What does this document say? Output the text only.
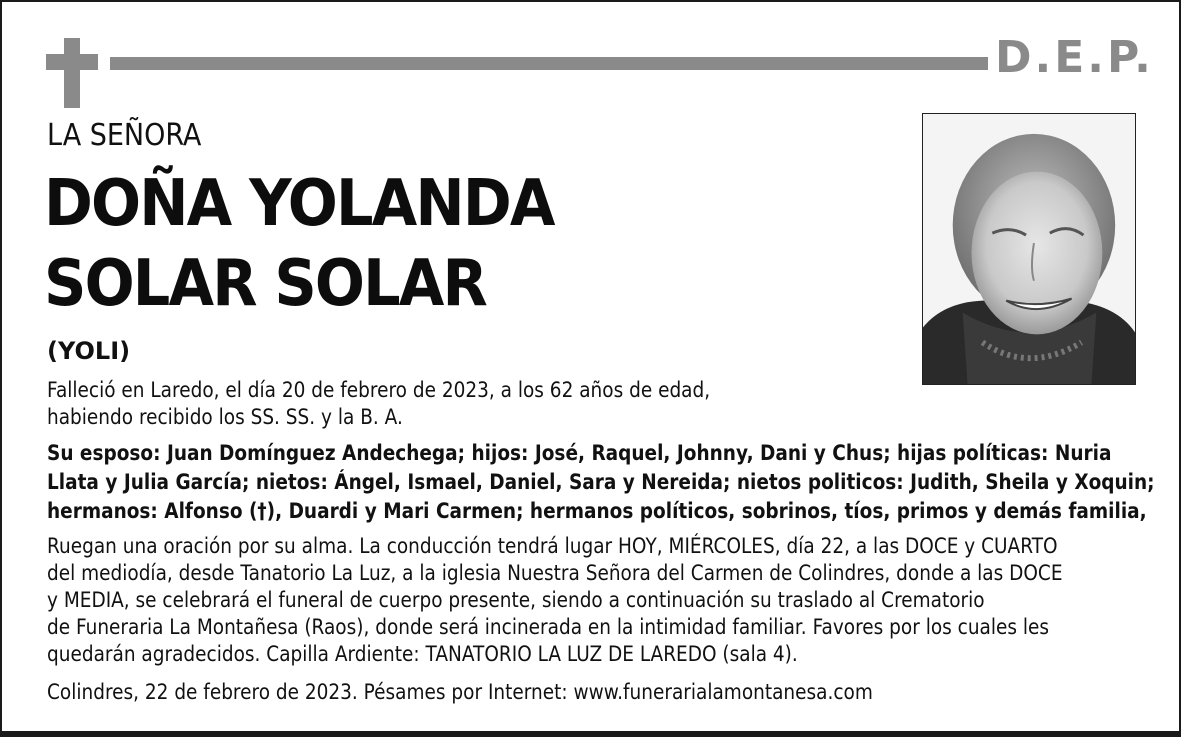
D.E.P.
LA SEÑORA
DOÑA YOLANDA
SOLAR SOLAR
(YOLI)
Falleció en Laredo, el día 20 de febrero de 2023, a los 62 años de edad,
habiendo recibido los SS. SS. y la B. A.
Su esposo: Juan Domínguez Andechega; hijos: José, Raquel, Johnny, Dani y Chus; hijas políticas: Nuria
Llata y Julia García; nietos: Ángel, Ismael, Daniel, Sara y Nereida; nietos politicos: Judith, Sheila y Xoquin;
hermanos: Alfonso (†), Duardi y Mari Carmen; hermanos políticos, sobrinos, tíos, primos y demás familia,
Ruegan una oración por su alma. La conducción tendrá lugar HOY, MIÉRCOLES, día 22, a las DOCE y CUARTO
del mediodía, desde Tanatorio La Luz, a la iglesia Nuestra Señora del Carmen de Colindres, donde a las DOCE
y MEDIA, se celebrará el funeral de cuerpo presente, siendo a continuación su traslado al Crematorio
de Funeraria La Montañesa (Raos), donde será incinerada en la intimidad familiar. Favores por los cuales les
quedarán agradecidos. Capilla Ardiente: TANATORIO LA LUZ DE LAREDO (sala 4).
Colindres, 22 de febrero de 2023. Pésames por Internet: www.funerarialamontanesa.com
